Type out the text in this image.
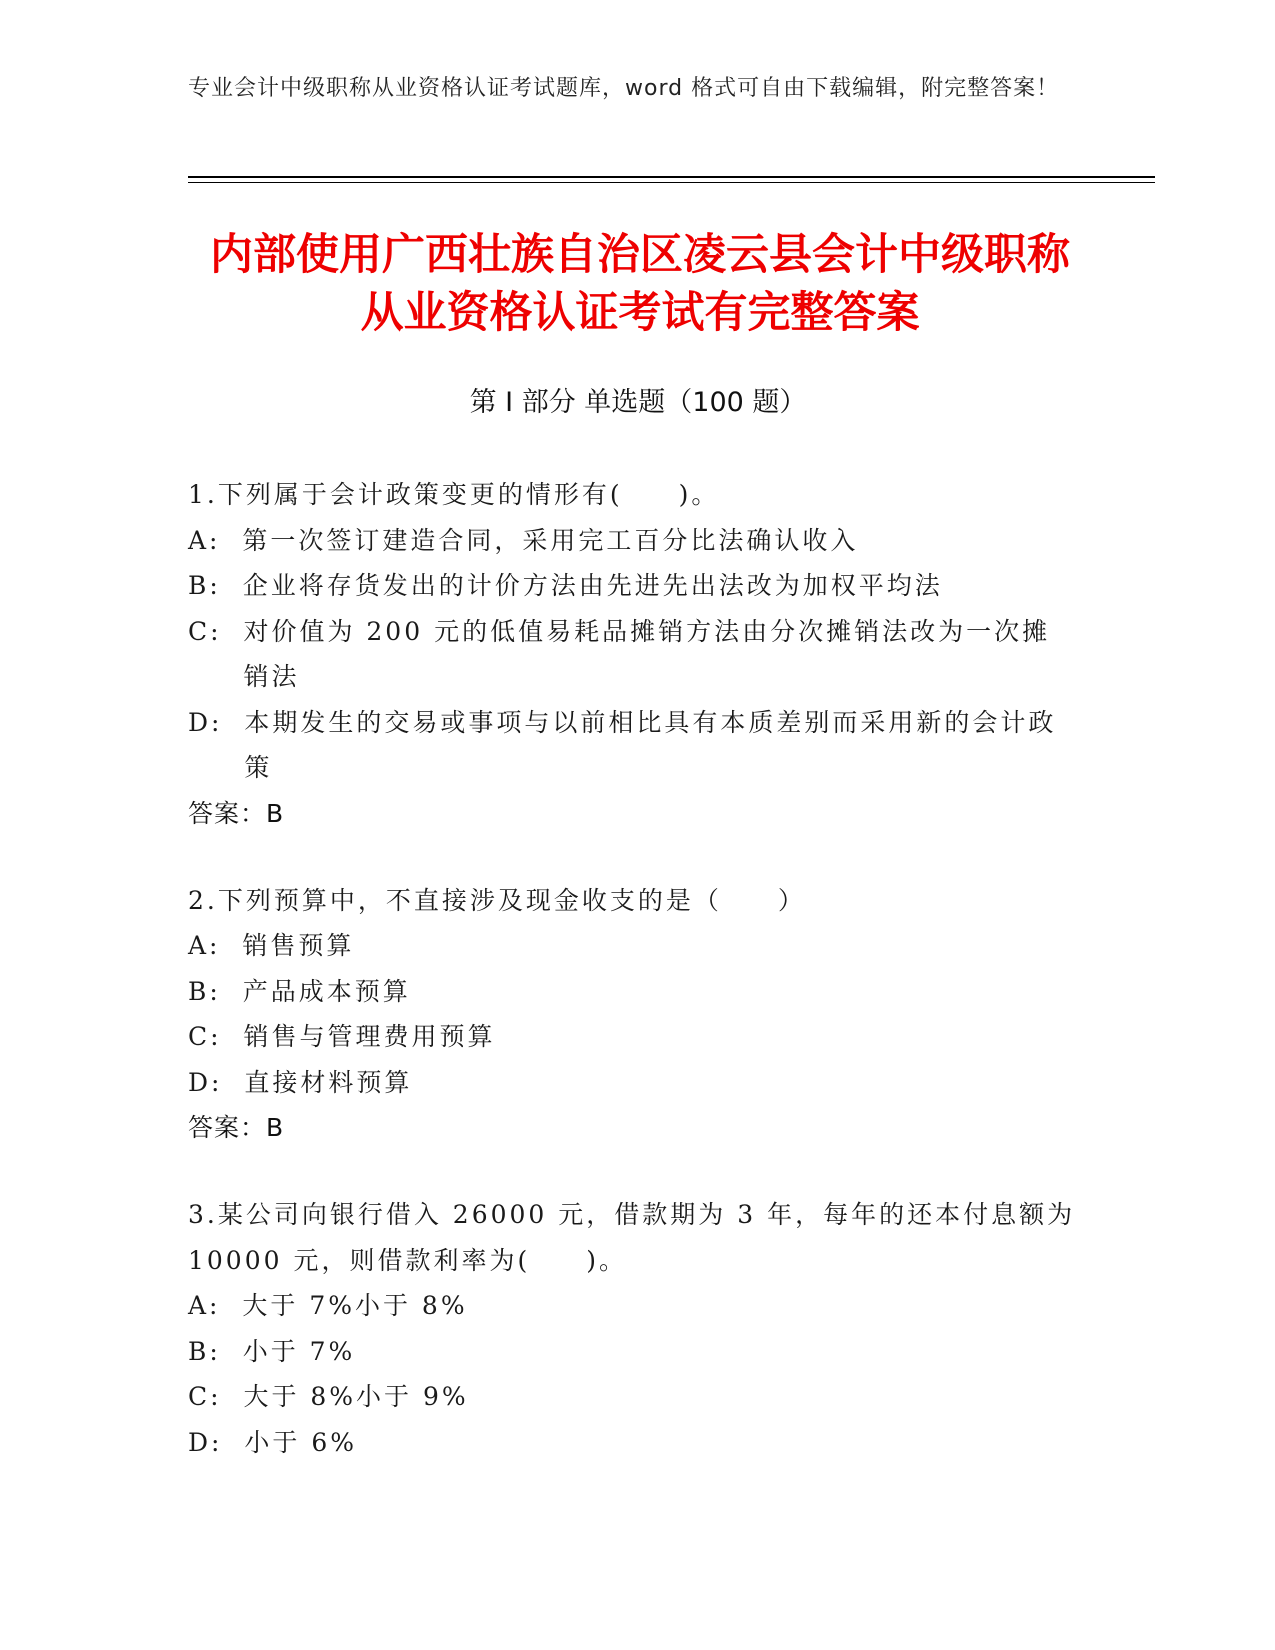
专业会计中级职称从业资格认证考试题库，word 格式可自由下载编辑，附完整答案！
内部使用广西壮族自治区凌云县会计中级职称从业资格认证考试有完整答案
第 I 部分 单选题（100 题）
1.下列属于会计政策变更的情形有(　　)。
A: 第一次签订建造合同，采用完工百分比法确认收入
B: 企业将存货发出的计价方法由先进先出法改为加权平均法
C: 对价值为 200 元的低值易耗品摊销方法由分次摊销法改为一次摊销法
D: 本期发生的交易或事项与以前相比具有本质差别而采用新的会计政策
答案：B
2.下列预算中，不直接涉及现金收支的是（　　）
A: 销售预算
B: 产品成本预算
C: 销售与管理费用预算
D: 直接材料预算
答案：B
3.某公司向银行借入 26000 元，借款期为 3 年，每年的还本付息额为 10000 元，则借款利率为(　　)。
A: 大于 7%小于 8%
B: 小于 7%
C: 大于 8%小于 9%
D: 小于 6%
